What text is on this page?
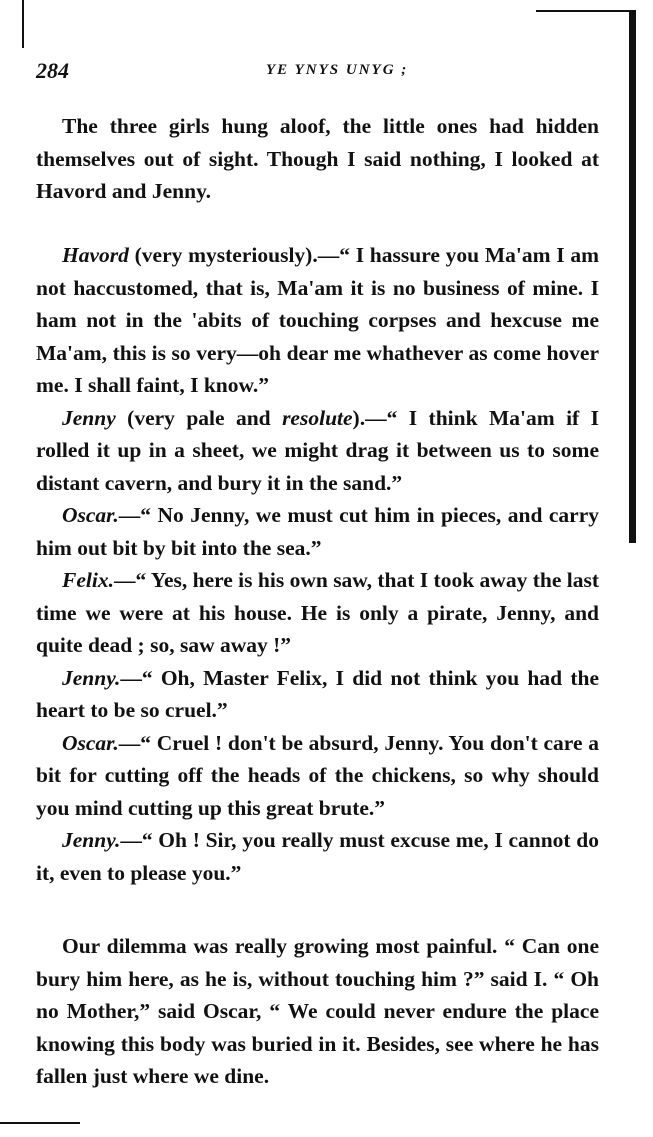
284	YE YNYS UNYG ;

The three girls hung aloof, the little ones had hidden themselves out of sight. Though I said nothing, I looked at Havord and Jenny.

Havord (very mysteriously).—“ I hassure you Ma'am I am not haccustomed, that is, Ma'am it is no business of mine. I ham not in the 'abits of touching corpses and hexcuse me Ma'am, this is so very—oh dear me whathever as come hover me. I shall faint, I know.”

Jenny (very pale and resolute).—“ I think Ma'am if I rolled it up in a sheet, we might drag it between us to some distant cavern, and bury it in the sand.”

Oscar.—“ No Jenny, we must cut him in pieces, and carry him out bit by bit into the sea.”

Felix.—“ Yes, here is his own saw, that I took away the last time we were at his house. He is only a pirate, Jenny, and quite dead ; so, saw away !”

Jenny.—“ Oh, Master Felix, I did not think you had the heart to be so cruel.”

Oscar.—“ Cruel ! don't be absurd, Jenny. You don't care a bit for cutting off the heads of the chickens, so why should you mind cutting up this great brute.”

Jenny.—“ Oh ! Sir, you really must excuse me, I cannot do it, even to please you.”

Our dilemma was really growing most painful. “ Can one bury him here, as he is, without touching him ?” said I. “ Oh no Mother,” said Oscar, “ We could never endure the place knowing this body was buried in it. Besides, see where he has fallen just where we dine.
